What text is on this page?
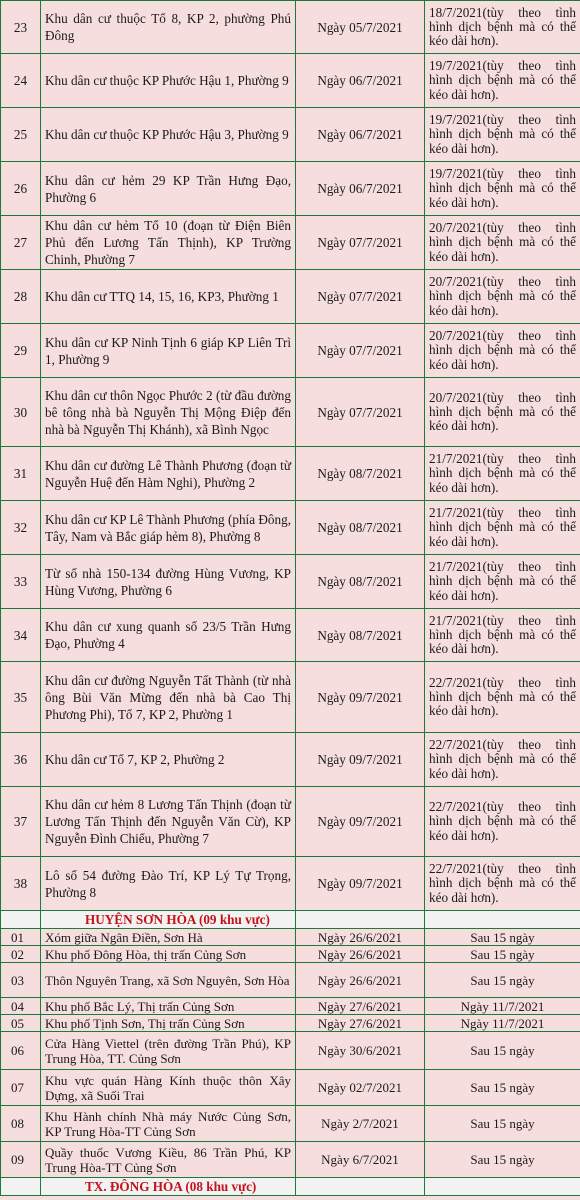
23	Khu dân cư thuộc Tổ 8, KP 2, phường Phú Đông	Ngày 05/7/2021	18/7/2021(tùy theo tình hình dịch bệnh mà có thể kéo dài hơn).
24	Khu dân cư thuộc KP Phước Hậu 1, Phường 9	Ngày 06/7/2021	19/7/2021(tùy theo tình hình dịch bệnh mà có thể kéo dài hơn).
25	Khu dân cư thuộc KP Phước Hậu 3, Phường 9	Ngày 06/7/2021	19/7/2021(tùy theo tình hình dịch bệnh mà có thể kéo dài hơn).
26	Khu dân cư hẻm 29 KP Trần Hưng Đạo, Phường 6	Ngày 06/7/2021	19/7/2021(tùy theo tình hình dịch bệnh mà có thể kéo dài hơn).
27	Khu dân cư hẻm Tổ 10 (đoạn từ Điện Biên Phủ đến Lương Tấn Thịnh), KP Trường Chinh, Phường 7	Ngày 07/7/2021	20/7/2021(tùy theo tình hình dịch bệnh mà có thể kéo dài hơn).
28	Khu dân cư TTQ 14, 15, 16, KP3, Phường 1	Ngày 07/7/2021	20/7/2021(tùy theo tình hình dịch bệnh mà có thể kéo dài hơn).
29	Khu dân cư KP Ninh Tịnh 6 giáp KP Liên Trì 1, Phường 9	Ngày 07/7/2021	20/7/2021(tùy theo tình hình dịch bệnh mà có thể kéo dài hơn).
30	Khu dân cư thôn Ngọc Phước 2 (từ đầu đường bê tông nhà bà Nguyễn Thị Mộng Điệp đến nhà bà Nguyễn Thị Khánh), xã Bình Ngọc	Ngày 07/7/2021	20/7/2021(tùy theo tình hình dịch bệnh mà có thể kéo dài hơn).
31	Khu dân cư đường Lê Thành Phương (đoạn từ Nguyễn Huệ đến Hàm Nghi), Phường 2	Ngày 08/7/2021	21/7/2021(tùy theo tình hình dịch bệnh mà có thể kéo dài hơn).
32	Khu dân cư KP Lê Thành Phương (phía Đông, Tây, Nam và Bắc giáp hẻm 8), Phường 8	Ngày 08/7/2021	21/7/2021(tùy theo tình hình dịch bệnh mà có thể kéo dài hơn).
33	Từ số nhà 150-134 đường Hùng Vương, KP Hùng Vương, Phường 6	Ngày 08/7/2021	21/7/2021(tùy theo tình hình dịch bệnh mà có thể kéo dài hơn).
34	Khu dân cư xung quanh số 23/5 Trần Hưng Đạo, Phường 4	Ngày 08/7/2021	21/7/2021(tùy theo tình hình dịch bệnh mà có thể kéo dài hơn).
35	Khu dân cư đường Nguyễn Tất Thành (từ nhà ông Bùi Văn Mừng đến nhà bà Cao Thị Phương Phi), Tổ 7, KP 2, Phường 1	Ngày 09/7/2021	22/7/2021(tùy theo tình hình dịch bệnh mà có thể kéo dài hơn).
36	Khu dân cư Tổ 7, KP 2, Phường 2	Ngày 09/7/2021	22/7/2021(tùy theo tình hình dịch bệnh mà có thể kéo dài hơn).
37	Khu dân cư hẻm 8 Lương Tấn Thịnh (đoạn từ Lương Tấn Thịnh đến Nguyễn Văn Cừ), KP Nguyễn Đình Chiểu, Phường 7	Ngày 09/7/2021	22/7/2021(tùy theo tình hình dịch bệnh mà có thể kéo dài hơn).
38	Lô số 54 đường Đào Trí, KP Lý Tự Trọng, Phường 8	Ngày 09/7/2021	22/7/2021(tùy theo tình hình dịch bệnh mà có thể kéo dài hơn).
	HUYỆN SƠN HÒA (09 khu vực)		
01	Xóm giữa Ngân Điền, Sơn Hà	Ngày 26/6/2021	Sau 15 ngày
02	Khu phố Đông Hòa, thị trấn Củng Sơn	Ngày 26/6/2021	Sau 15 ngày
03	Thôn Nguyên Trang, xã Sơn Nguyên, Sơn Hòa	Ngày 26/6/2021	Sau 15 ngày
04	Khu phố Bắc Lý, Thị trấn Củng Sơn	Ngày 27/6/2021	Ngày 11/7/2021
05	Khu phố Tịnh Sơn, Thị trấn Củng Sơn	Ngày 27/6/2021	Ngày 11/7/2021
06	Cửa Hàng Viettel (trên đường Trần Phú), KP Trung Hòa, TT. Củng Sơn	Ngày 30/6/2021	Sau 15 ngày
07	Khu vực quán Hàng Kính thuộc thôn Xây Dựng, xã Suối Trai	Ngày 02/7/2021	Sau 15 ngày
08	Khu Hành chính Nhà máy Nước Củng Sơn, KP Trung Hòa-TT Củng Sơn	Ngày 2/7/2021	Sau 15 ngày
09	Quầy thuốc Vương Kiều, 86 Trần Phú, KP Trung Hòa-TT Củng Sơn	Ngày 6/7/2021	Sau 15 ngày
	TX. ĐÔNG HÒA (08 khu vực)		
